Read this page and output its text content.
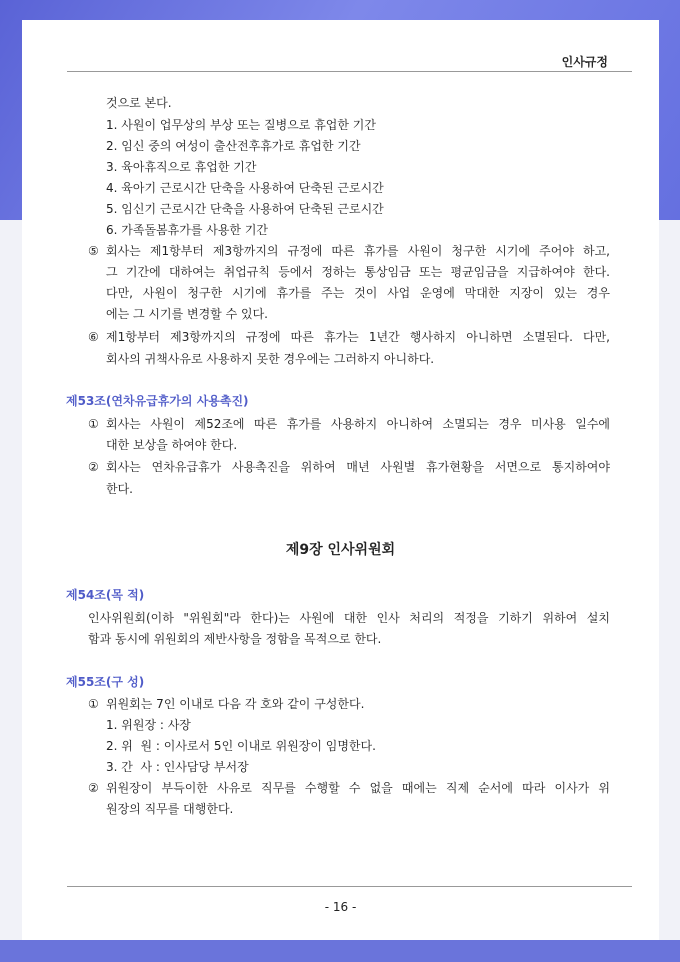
인사규정
것으로 본다.
1. 사원이 업무상의 부상 또는 질병으로 휴업한 기간
2. 임신 중의 여성이 출산전후휴가로 휴업한 기간
3. 육아휴직으로 휴업한 기간
4. 육아기 근로시간 단축을 사용하여 단축된 근로시간
5. 임신기 근로시간 단축을 사용하여 단축된 근로시간
6. 가족돌봄휴가를 사용한 기간
⑤ 회사는 제1항부터 제3항까지의 규정에 따른 휴가를 사원이 청구한 시기에 주어야 하고,
그 기간에 대하여는 취업규칙 등에서 정하는 통상임금 또는 평균임금을 지급하여야 한다.
다만, 사원이 청구한 시기에 휴가를 주는 것이 사업 운영에 막대한 지장이 있는 경우
에는 그 시기를 변경할 수 있다.
⑥ 제1항부터 제3항까지의 규정에 따른 휴가는 1년간 행사하지 아니하면 소멸된다. 다만,
회사의 귀책사유로 사용하지 못한 경우에는 그러하지 아니하다.
제53조(연차유급휴가의 사용촉진)
① 회사는 사원이 제52조에 따른 휴가를 사용하지 아니하여 소멸되는 경우 미사용 일수에
대한 보상을 하여야 한다.
② 회사는 연차유급휴가 사용촉진을 위하여 매년 사원별 휴가현황을 서면으로 통지하여야
한다.
제9장 인사위원회
제54조(목 적)
인사위원회(이하 "위원회"라 한다)는 사원에 대한 인사 처리의 적정을 기하기 위하여 설치
함과 동시에 위원회의 제반사항을 정함을 목적으로 한다.
제55조(구 성)
① 위원회는 7인 이내로 다음 각 호와 같이 구성한다.
1. 위원장 : 사장
2. 위  원 : 이사로서 5인 이내로 위원장이 임명한다.
3. 간  사 : 인사담당 부서장
② 위원장이 부득이한 사유로 직무를 수행할 수 없을 때에는 직제 순서에 따라 이사가 위
원장의 직무를 대행한다.
- 16 -
